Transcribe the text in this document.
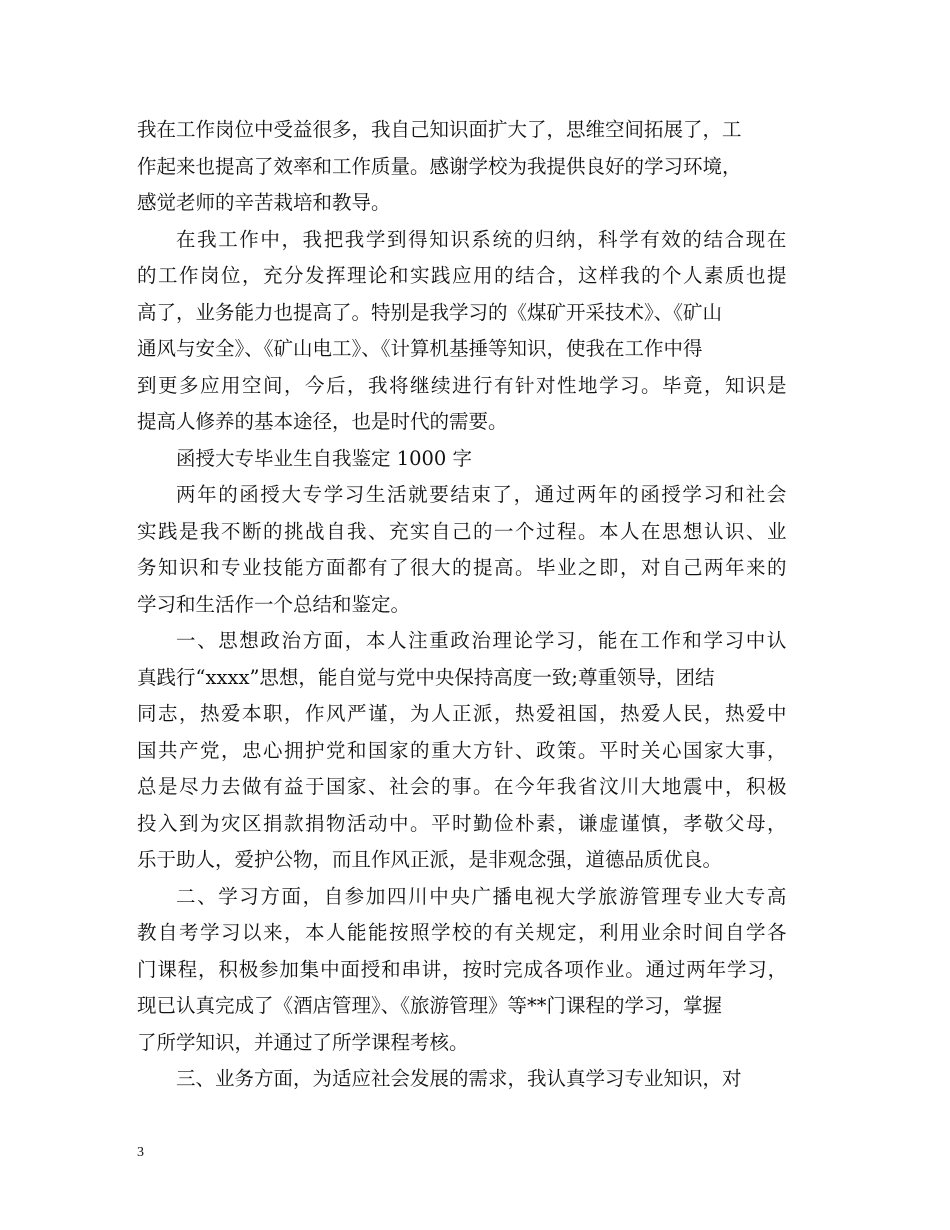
我在工作岗位中受益很多，我自己知识面扩大了，思维空间拓展了，工
作起来也提高了效率和工作质量。感谢学校为我提供良好的学习环境，
感觉老师的辛苦栽培和教导。

在我工作中，我把我学到得知识系统的归纳，科学有效的结合现在
的工作岗位，充分发挥理论和实践应用的结合，这样我的个人素质也提
高了，业务能力也提高了。特别是我学习的《煤矿开采技术》、《矿山
通风与安全》、《矿山电工》、《计算机基捶等知识，使我在工作中得
到更多应用空间，今后，我将继续进行有针对性地学习。毕竟，知识是
提高人修养的基本途径，也是时代的需要。

函授大专毕业生自我鉴定 1000 字

两年的函授大专学习生活就要结束了，通过两年的函授学习和社会
实践是我不断的挑战自我、充实自己的一个过程。本人在思想认识、业
务知识和专业技能方面都有了很大的提高。毕业之即，对自己两年来的
学习和生活作一个总结和鉴定。

一、思想政治方面，本人注重政治理论学习，能在工作和学习中认
真践行“xxxx”思想，能自觉与党中央保持高度一致;尊重领导，团结
同志，热爱本职，作风严谨，为人正派，热爱祖国，热爱人民，热爱中
国共产党，忠心拥护党和国家的重大方针、政策。平时关心国家大事，
总是尽力去做有益于国家、社会的事。在今年我省汶川大地震中，积极
投入到为灾区捐款捐物活动中。平时勤俭朴素，谦虚谨慎，孝敬父母，
乐于助人，爱护公物，而且作风正派，是非观念强，道德品质优良。

二、学习方面，自参加四川中央广播电视大学旅游管理专业大专高
教自考学习以来，本人能能按照学校的有关规定，利用业余时间自学各
门课程，积极参加集中面授和串讲，按时完成各项作业。通过两年学习，
现已认真完成了《酒店管理》、《旅游管理》等**门课程的学习，掌握
了所学知识，并通过了所学课程考核。

三、业务方面，为适应社会发展的需求，我认真学习专业知识，对

3
